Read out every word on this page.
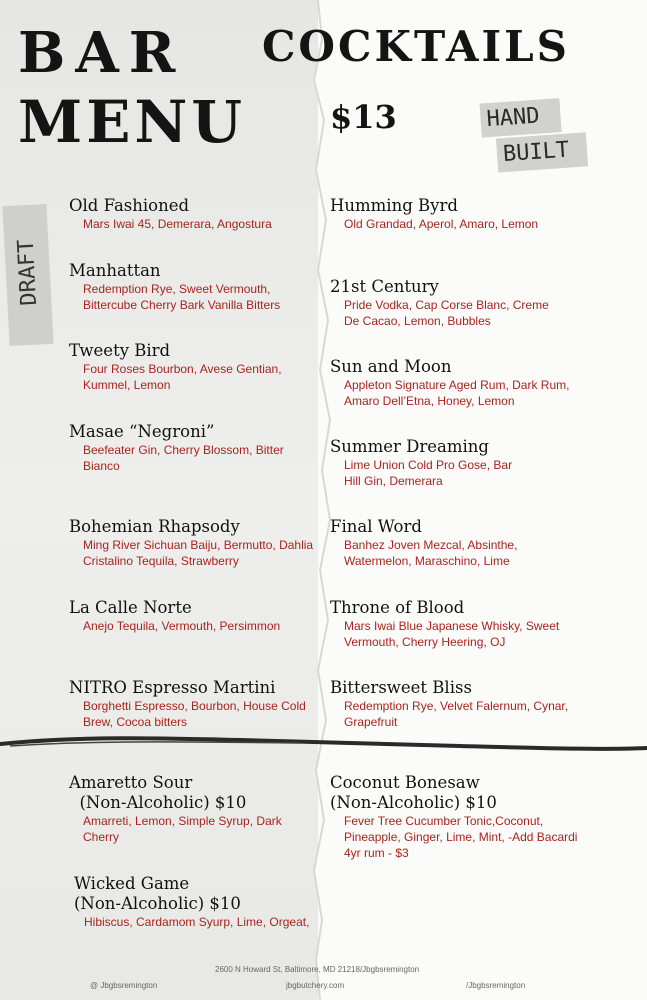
BAR
MENU
COCKTAILS
$13	HAND
BUILT
DRAFT
Old Fashioned
Mars Iwai 45, Demerara, Angostura
Manhattan
Redemption Rye, Sweet Vermouth, Bittercube Cherry Bark Vanilla Bitters
Tweety Bird
Four Roses Bourbon, Avese Gentian, Kummel, Lemon
Masae “Negroni”
Beefeater Gin, Cherry Blossom, Bitter Bianco
Bohemian Rhapsody
Ming River Sichuan Baiju, Bermutto, Dahlia Cristalino Tequila, Strawberry
La Calle Norte
Anejo Tequila, Vermouth, Persimmon
NITRO Espresso Martini
Borghetti Espresso, Bourbon, House Cold Brew, Cocoa bitters
Humming Byrd
Old Grandad, Aperol, Amaro, Lemon
21st Century
Pride Vodka, Cap Corse Blanc, Creme De Cacao, Lemon, Bubbles
Sun and Moon
Appleton Signature Aged Rum, Dark Rum, Amaro Dell’Etna, Honey, Lemon
Summer Dreaming
Lime Union Cold Pro Gose, Bar Hill Gin, Demerara
Final Word
Banhez Joven Mezcal, Absinthe, Watermelon, Maraschino, Lime
Throne of Blood
Mars Iwai Blue Japanese Whisky, Sweet Vermouth, Cherry Heering, OJ
Bittersweet Bliss
Redemption Rye, Velvet Falernum, Cynar, Grapefruit
Amaretto Sour
(Non-Alcoholic) $10
Amarreti, Lemon, Simple Syrup, Dark Cherry
Coconut Bonesaw
(Non-Alcoholic) $10
Fever Tree Cucumber Tonic,Coconut, Pineapple, Ginger, Lime, Mint, -Add Bacardi 4yr rum - $3
Wicked Game
(Non-Alcoholic) $10
Hibiscus, Cardamom Syurp, Lime, Orgeat,
2600 N Howard St, Baltimore, MD 21218/Jbgbsremington
@ Jbgbsremington	jbgbutchery.com	/Jbgbsremington
